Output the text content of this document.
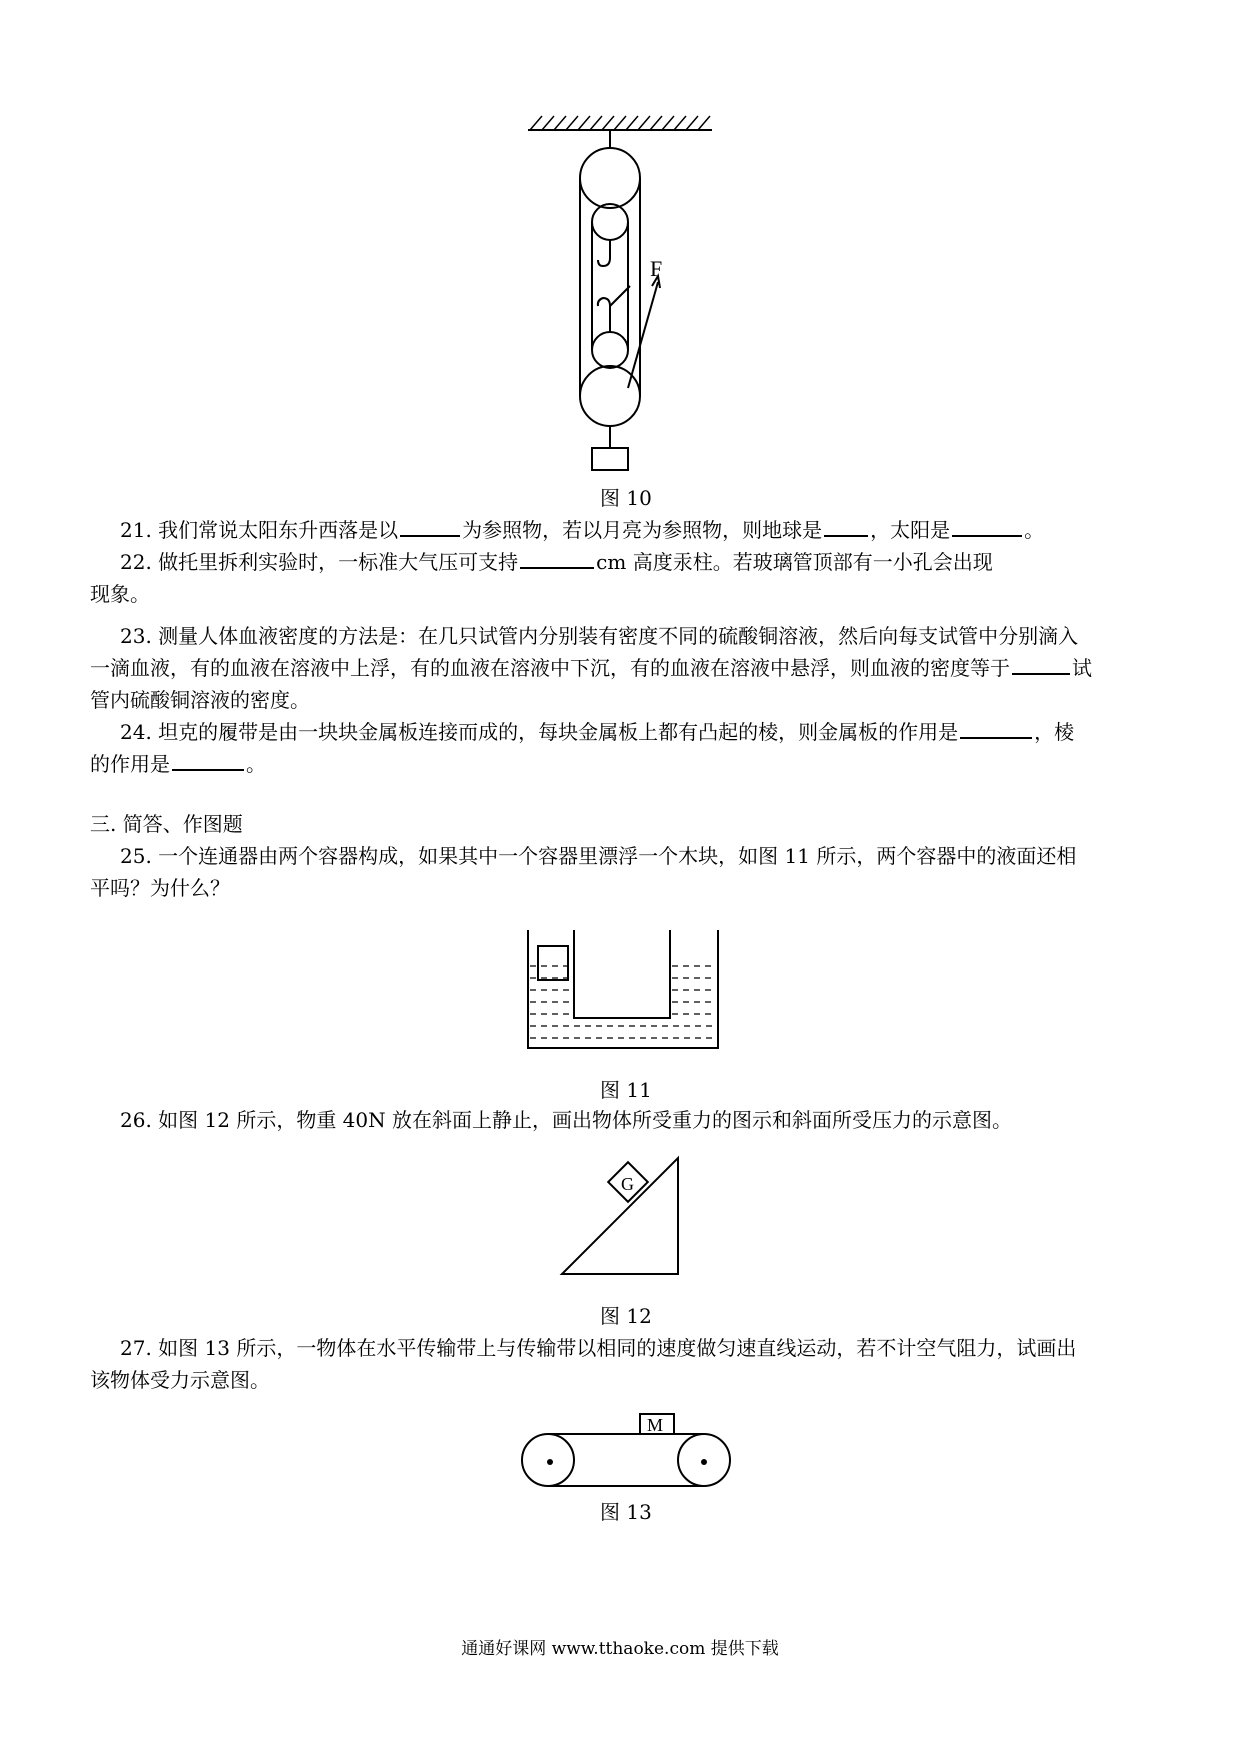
F
图 10
21. 我们常说太阳东升西落是以	为参照物，若以月亮为参照物，则地球是 ，太阳是	。
22. 做托里拆利实验时，一标准大气压可支持	cm 高度汞柱。若玻璃管顶部有一小孔会出现
现象。
23. 测量人体血液密度的方法是：在几只试管内分别装有密度不同的硫酸铜溶液，然后向每支试管中分别滴入
一滴血液，有的血液在溶液中上浮，有的血液在溶液中下沉，有的血液在溶液中悬浮，则血液的密度等于	试
管内硫酸铜溶液的密度。
24. 坦克的履带是由一块块金属板连接而成的，每块金属板上都有凸起的棱，则金属板的作用是	，棱
的作用是	。
三. 简答、作图题
25. 一个连通器由两个容器构成，如果其中一个容器里漂浮一个木块，如图 11 所示，两个容器中的液面还相
平吗？为什么？
图 11
26. 如图 12 所示，物重 40N 放在斜面上静止，画出物体所受重力的图示和斜面所受压力的示意图。
G
图 12
27. 如图 13 所示，一物体在水平传输带上与传输带以相同的速度做匀速直线运动，若不计空气阻力，试画出
该物体受力示意图。
M
图 13
通通好课网 www.tthaoke.com 提供下载
